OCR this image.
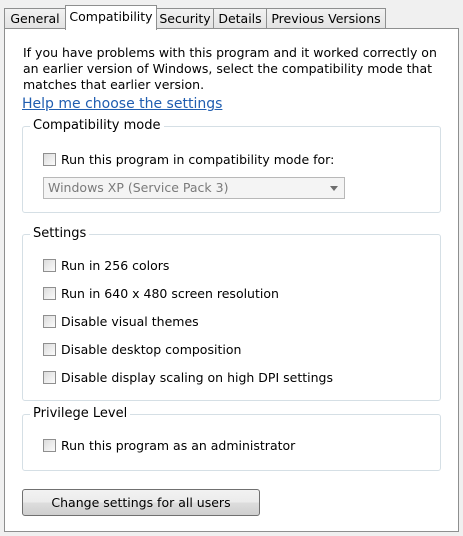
General Compatibility Security Details Previous Versions
If you have problems with this program and it worked correctly on an earlier version of Windows, select the compatibility mode that matches that earlier version.
Help me choose the settings
Compatibility mode
Run this program in compatibility mode for:
Windows XP (Service Pack 3)
Settings
Run in 256 colors
Run in 640 x 480 screen resolution
Disable visual themes
Disable desktop composition
Disable display scaling on high DPI settings
Privilege Level
Run this program as an administrator
Change settings for all users
